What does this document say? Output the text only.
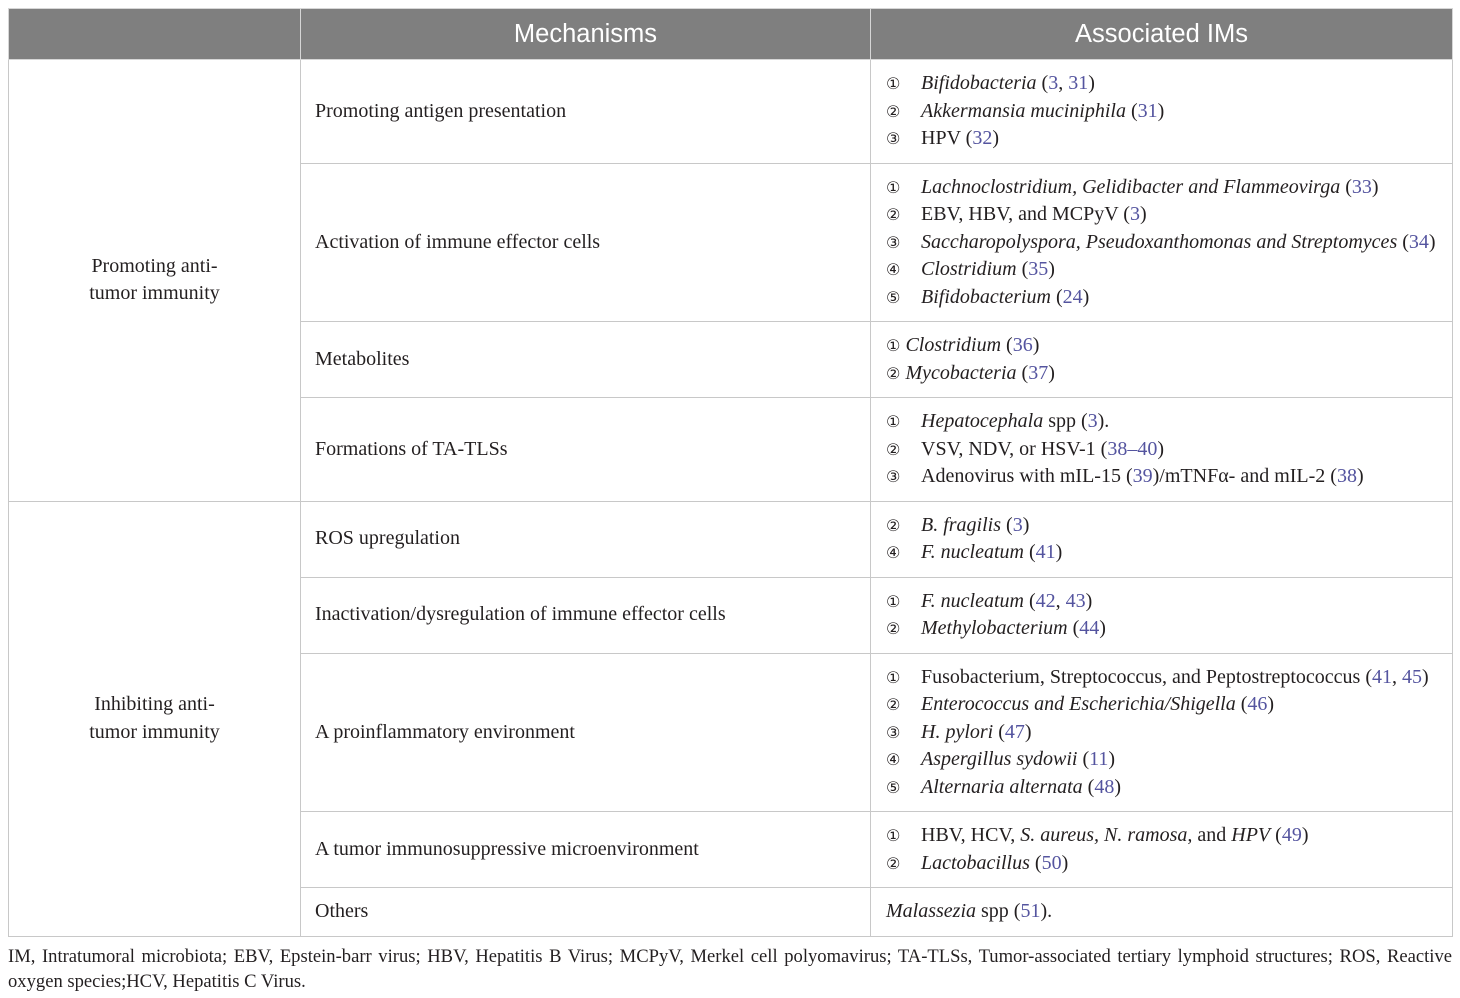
	Mechanisms	Associated IMs

Promoting anti-tumor immunity	Promoting antigen presentation	① Bifidobacteria (3, 31)
② Akkermansia muciniphila (31)
③ HPV (32)

	Activation of immune effector cells	① Lachnoclostridium, Gelidibacter and Flammeovirga (33)
② EBV, HBV, and MCPyV (3)
③ Saccharopolyspora, Pseudoxanthomonas and Streptomyces (34)
④ Clostridium (35)
⑤ Bifidobacterium (24)

	Metabolites	① Clostridium (36)
② Mycobacteria (37)

	Formations of TA-TLSs	① Hepatocephala spp (3).
② VSV, NDV, or HSV-1 (38–40)
③ Adenovirus with mIL-15 (39)/mTNFα- and mIL-2 (38)

Inhibiting anti-tumor immunity	ROS upregulation	② B. fragilis (3)
④ F. nucleatum (41)

	Inactivation/dysregulation of immune effector cells	① F. nucleatum (42, 43)
② Methylobacterium (44)

	A proinflammatory environment	① Fusobacterium, Streptococcus, and Peptostreptococcus (41, 45)
② Enterococcus and Escherichia/Shigella (46)
③ H. pylori (47)
④ Aspergillus sydowii (11)
⑤ Alternaria alternata (48)

	A tumor immunosuppressive microenvironment	① HBV, HCV, S. aureus, N. ramosa, and HPV (49)
② Lactobacillus (50)

	Others	Malassezia spp (51).

IM, Intratumoral microbiota; EBV, Epstein-barr virus; HBV, Hepatitis B Virus; MCPyV, Merkel cell polyomavirus; TA-TLSs, Tumor-associated tertiary lymphoid structures; ROS, Reactive oxygen species;HCV, Hepatitis C Virus.
